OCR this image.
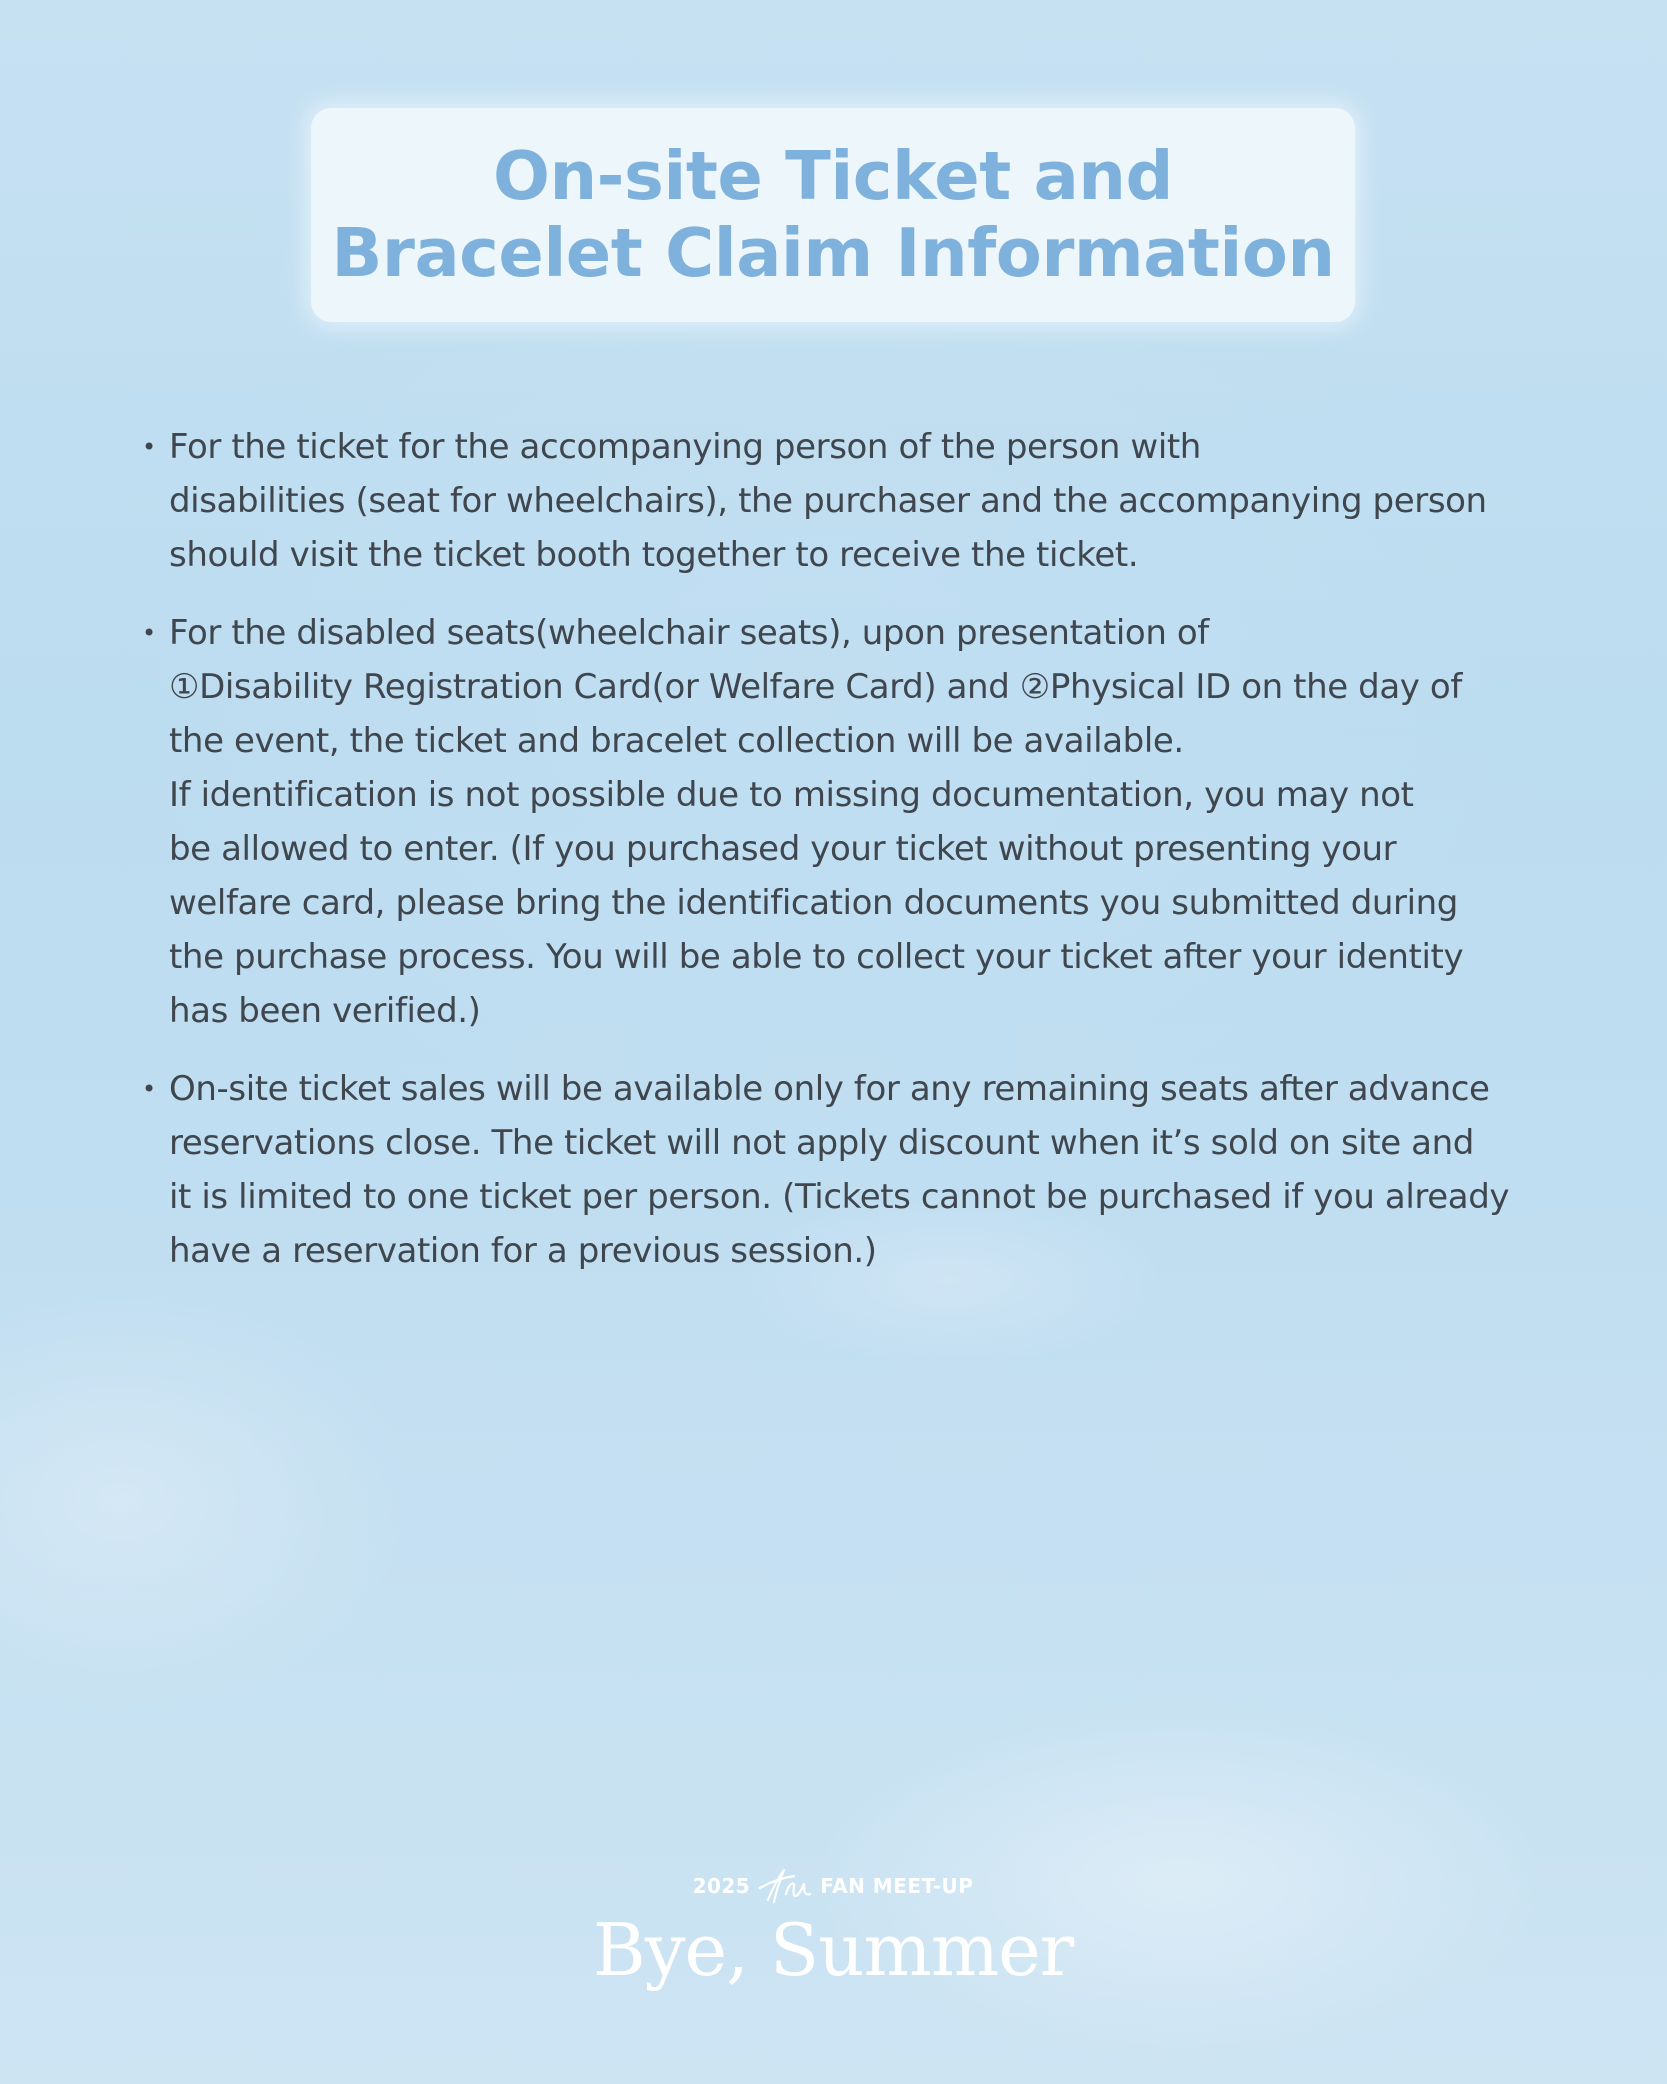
On-site Ticket and
Bracelet Claim Information
• For the ticket for the accompanying person of the person with
disabilities (seat for wheelchairs), the purchaser and the accompanying person
should visit the ticket booth together to receive the ticket.
• For the disabled seats(wheelchair seats), upon presentation of
①Disability Registration Card(or Welfare Card) and ②Physical ID on the day of
the event, the ticket and bracelet collection will be available.
If identification is not possible due to missing documentation, you may not
be allowed to enter. (If you purchased your ticket without presenting your
welfare card, please bring the identification documents you submitted during
the purchase process. You will be able to collect your ticket after your identity
has been verified.)
• On-site ticket sales will be available only for any remaining seats after advance
reservations close. The ticket will not apply discount when it’s sold on site and
it is limited to one ticket per person. (Tickets cannot be purchased if you already
have a reservation for a previous session.)
2025	FAN MEET-UP
Bye, Summer
